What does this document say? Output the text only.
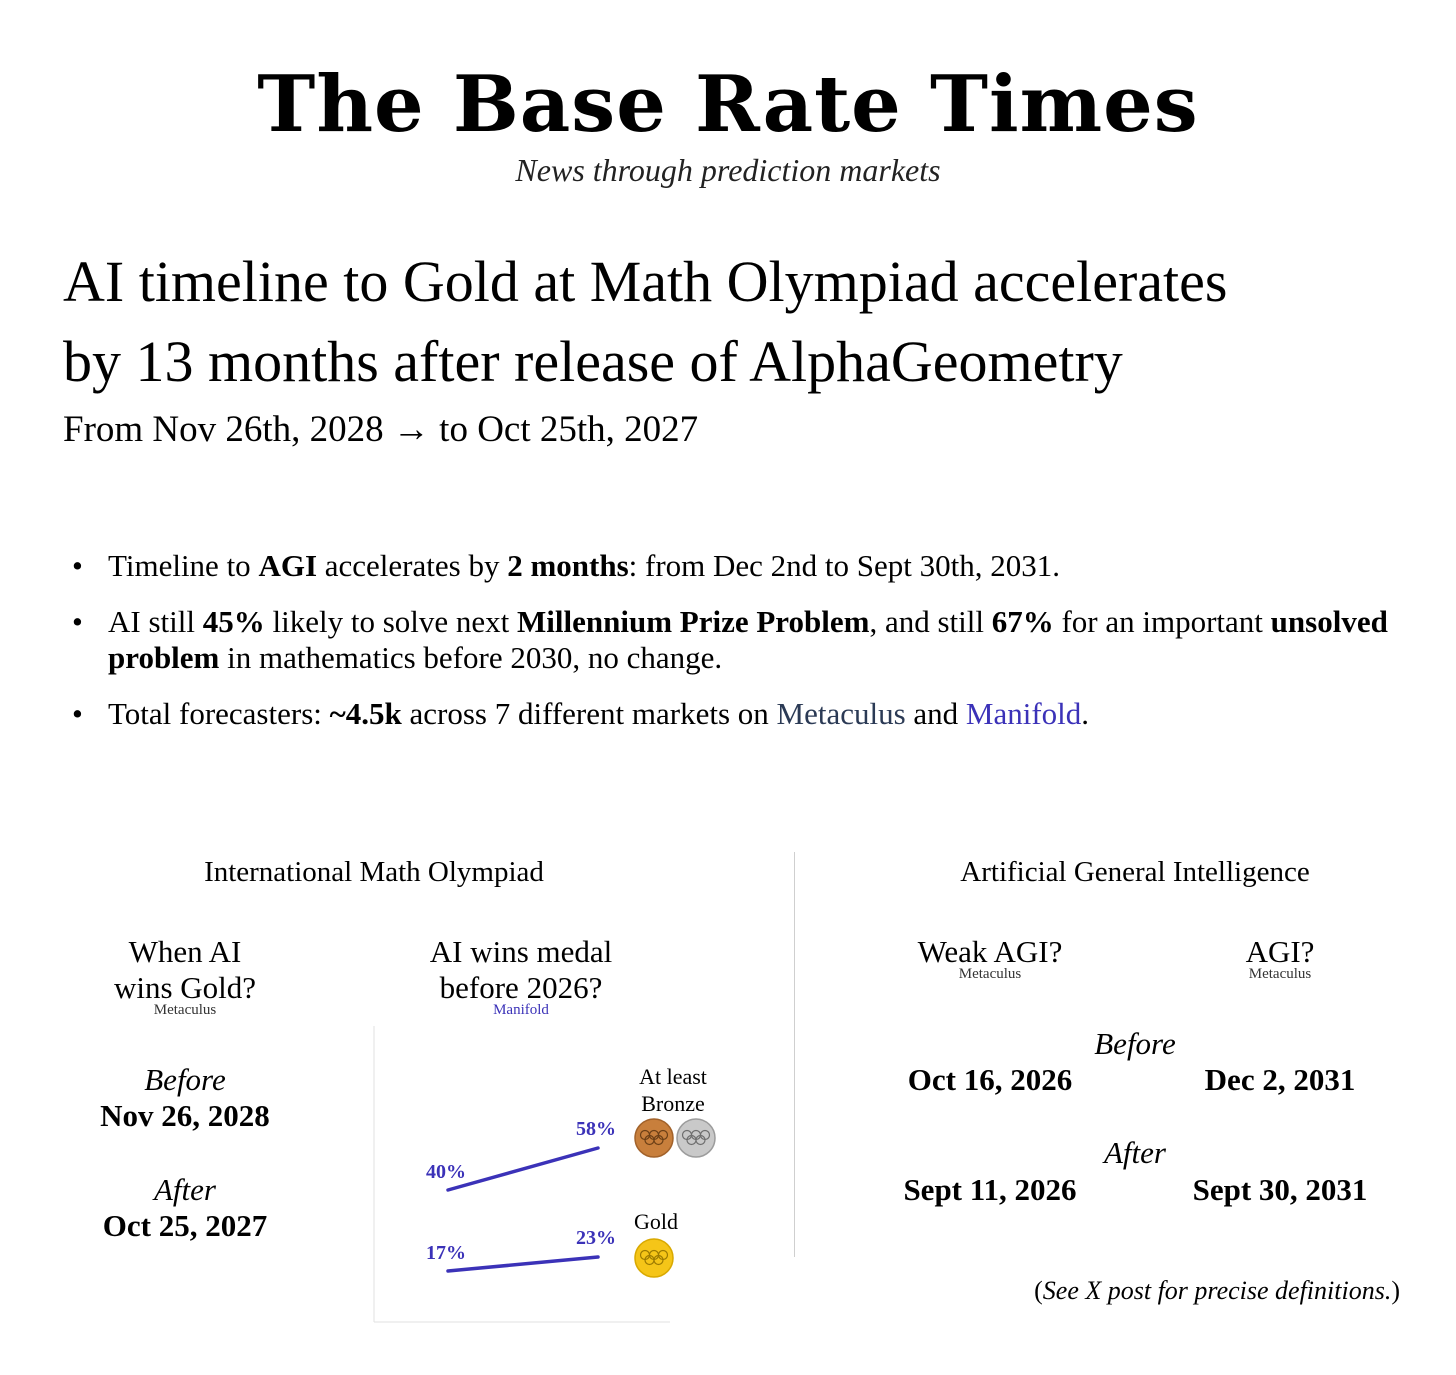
The Base Rate Times
News through prediction markets
AI timeline to Gold at Math Olympiad accelerates
by 13 months after release of AlphaGeometry
From Nov 26th, 2028 → to Oct 25th, 2027
• Timeline to AGI accelerates by 2 months: from Dec 2nd to Sept 30th, 2031.
• AI still 45% likely to solve next Millennium Prize Problem, and still 67% for an important unsolved problem in mathematics before 2030, no change.
• Total forecasters: ~4.5k across 7 different markets on Metaculus and Manifold.
International Math Olympiad
When AI
wins Gold?
Metaculus
Before
Nov 26, 2028
After
Oct 25, 2027
AI wins medal
before 2026?
Manifold
40%
58%
17%
23%
At least
Bronze
Gold
Artificial General Intelligence
Weak AGI?
Metaculus
AGI?
Metaculus
Before
Oct 16, 2026	Dec 2, 2031
After
Sept 11, 2026	Sept 30, 2031
(See X post for precise definitions.)
